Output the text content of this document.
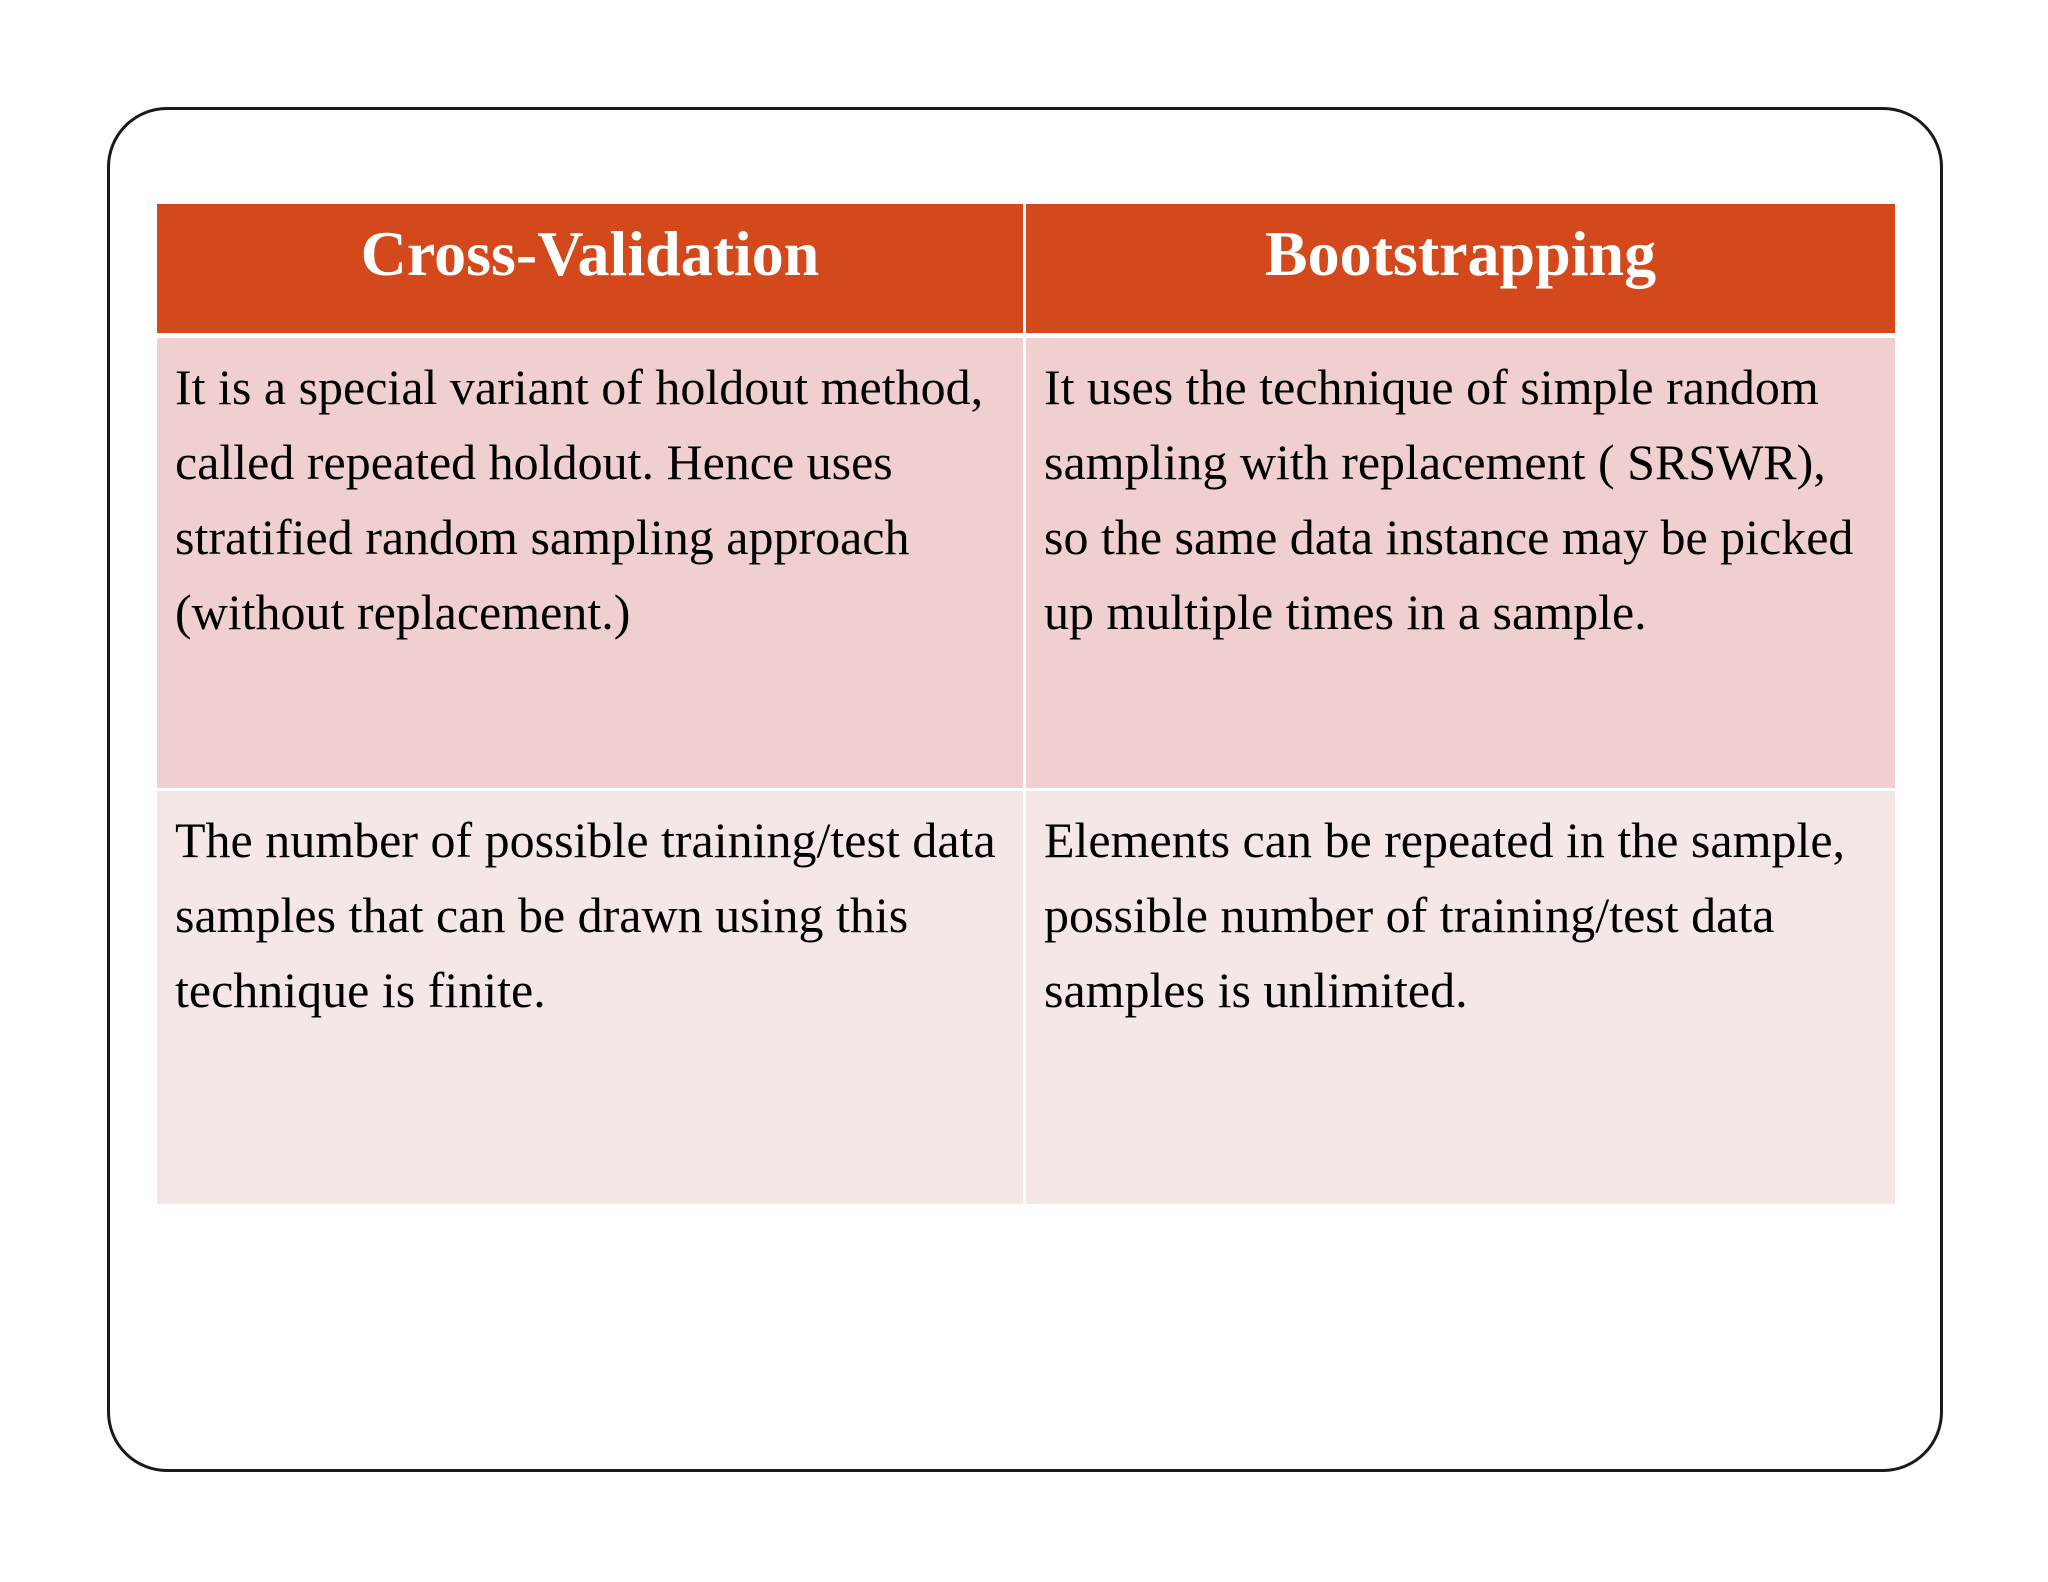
Cross-Validation	Bootstrapping
It is a special variant of holdout method, called repeated holdout. Hence uses stratified random sampling approach (without replacement.)
It uses the technique of simple random sampling with replacement ( SRSWR), so the same data instance may be picked up multiple times in a sample.
The number of possible training/test data samples that can be drawn using this technique is finite.
Elements can be repeated in the sample, possible number of training/test data samples is unlimited.
